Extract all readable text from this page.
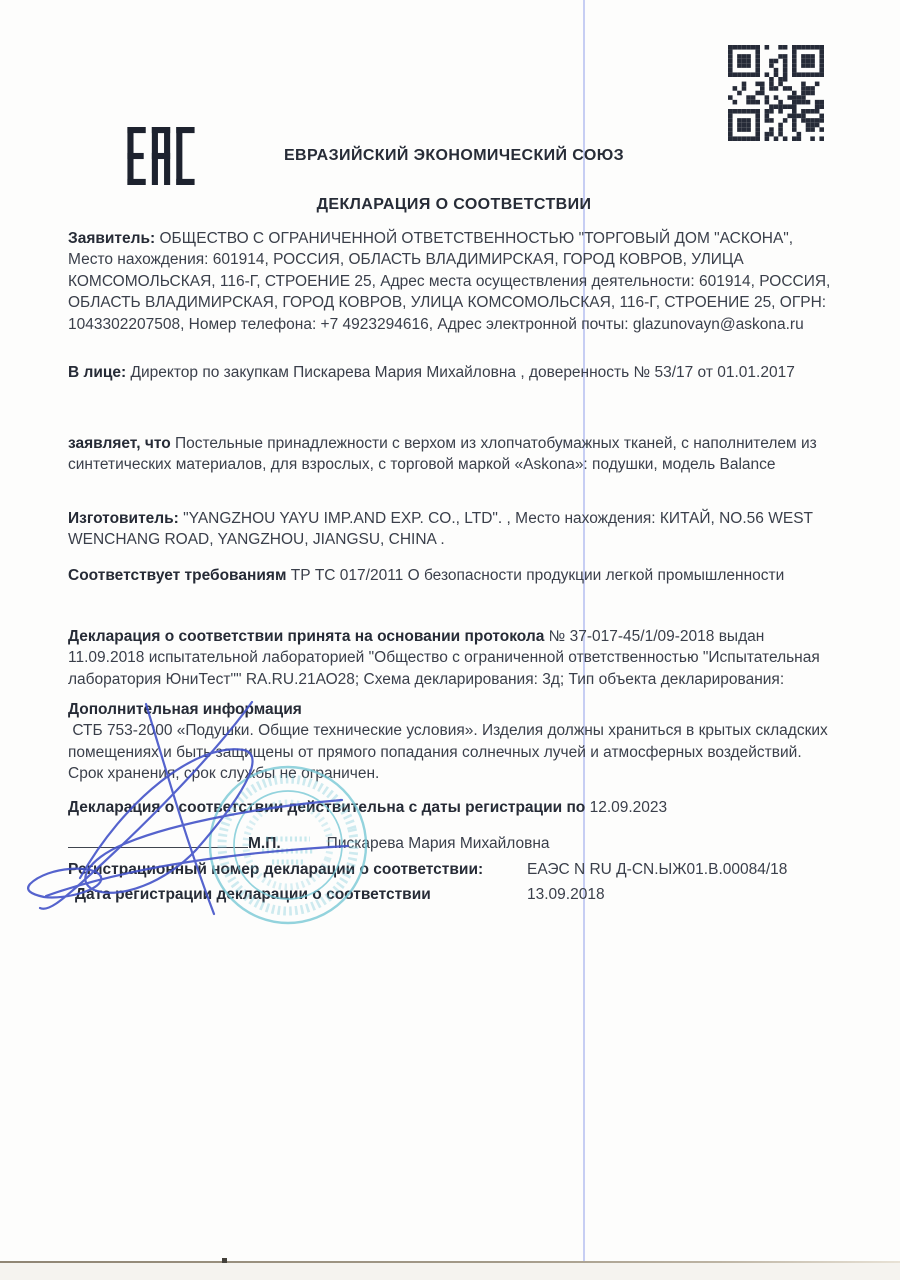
ЕВРАЗИЙСКИЙ ЭКОНОМИЧЕСКИЙ СОЮЗ
ДЕКЛАРАЦИЯ О СООТВЕТСТВИИ

Заявитель: ОБЩЕСТВО С ОГРАНИЧЕННОЙ ОТВЕТСТВЕННОСТЬЮ "ТОРГОВЫЙ ДОМ "АСКОНА", Место нахождения: 601914, РОССИЯ, ОБЛАСТЬ ВЛАДИМИРСКАЯ, ГОРОД КОВРОВ, УЛИЦА КОМСОМОЛЬСКАЯ, 116-Г, СТРОЕНИЕ 25, Адрес места осуществления деятельности: 601914, РОССИЯ, ОБЛАСТЬ ВЛАДИМИРСКАЯ, ГОРОД КОВРОВ, УЛИЦА КОМСОМОЛЬСКАЯ, 116-Г, СТРОЕНИЕ 25, ОГРН: 1043302207508, Номер телефона: +7 4923294616, Адрес электронной почты: glazunovayn@askona.ru

В лице: Директор по закупкам Пискарева Мария Михайловна , доверенность № 53/17 от 01.01.2017

заявляет, что Постельные принадлежности с верхом из хлопчатобумажных тканей, с наполнителем из синтетических материалов, для взрослых, с торговой маркой «Askona»: подушки, модель Balance

Изготовитель: "YANGZHOU YAYU IMP.AND EXP. CO., LTD". , Место нахождения: КИТАЙ, NO.56 WEST WENCHANG ROAD, YANGZHOU, JIANGSU, CHINA .

Соответствует требованиям ТР ТС 017/2011 О безопасности продукции легкой промышленности

Декларация о соответствии принята на основании протокола № 37-017-45/1/09-2018 выдан 11.09.2018 испытательной лабораторией "Общество с ограниченной ответственностью "Испытательная лаборатория ЮниТест"" RA.RU.21АО28; Схема декларирования: 3д; Тип объекта декларирования:

Дополнительная информация
СТБ 753-2000 «Подушки. Общие технические условия». Изделия должны храниться в крытых складских помещениях и быть защищены от прямого попадания солнечных лучей и атмосферных воздействий. Срок хранения, срок службы не ограничен.

Декларация о соответствии действительна с даты регистрации по 12.09.2023

М.П.	Пискарева Мария Михайловна
Регистрационный номер декларации о соответствии:	ЕАЭС N RU Д-CN.ЫЖ01.В.00084/18
Дата регистрации декларации о соответствии	13.09.2018
